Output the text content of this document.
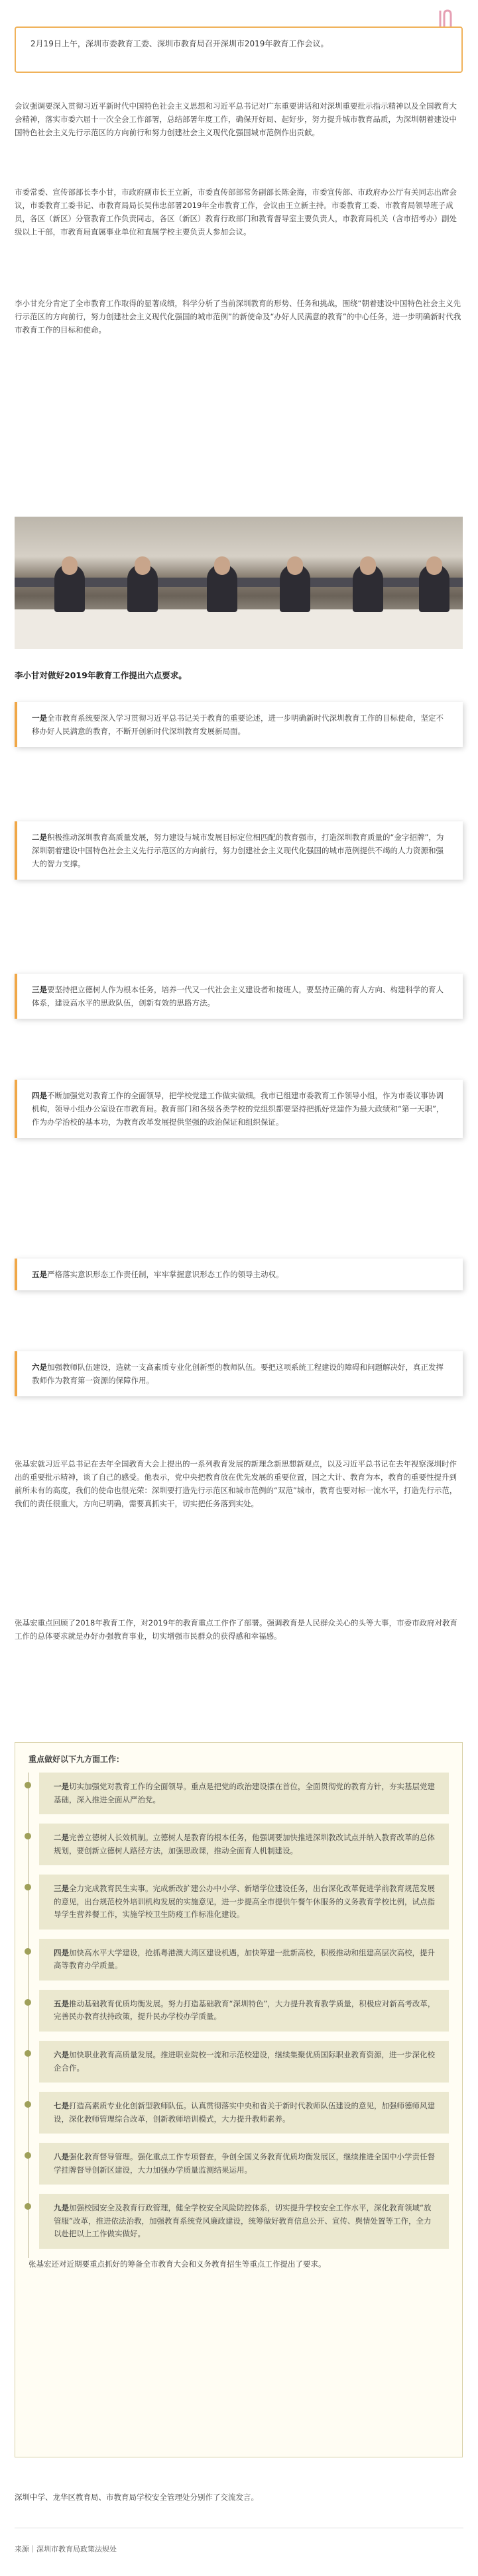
2月19日上午，深圳市委教育工委、深圳市教育局召开深圳市2019年教育工作会议。
会议强调要深入贯彻习近平新时代中国特色社会主义思想和习近平总书记对广东重要讲话和对深圳重要批示指示精神以及全国教育大会精神，落实市委六届十一次全会工作部署，总结部署年度工作，确保开好局、起好步，努力提升城市教育品质，为深圳朝着建设中国特色社会主义先行示范区的方向前行和努力创建社会主义现代化强国城市范例作出贡献。
市委常委、宣传部部长李小甘，市政府副市长王立新，市委直传部部常务副部长陈金海，市委宣传部、市政府办公厅有关同志出席会议，市委教育工委书记、市教育局局长吴伟忠部署2019年全市教育工作，会议由王立新主持。市委教育工委、市教育局领导班子成员，各区（新区）分管教育工作负责同志，各区（新区）教育行政部门和教育督导室主要负责人，市教育局机关（含市招考办）副处级以上干部，市教育局直属事业单位和直属学校主要负责人参加会议。
李小甘充分肯定了全市教育工作取得的显著成绩，科学分析了当前深圳教育的形势、任务和挑战，围绕“朝着建设中国特色社会主义先行示范区的方向前行，努力创建社会主义现代化强国的城市范例”的新使命及“办好人民满意的教育”的中心任务，进一步明确新时代我市教育工作的目标和使命。
李小甘对做好2019年教育工作提出六点要求。
一是全市教育系统要深入学习贯彻习近平总书记关于教育的重要论述，进一步明确新时代深圳教育工作的目标使命，坚定不移办好人民满意的教育，不断开创新时代深圳教育发展新局面。
二是积极推动深圳教育高质量发展，努力建设与城市发展目标定位相匹配的教育强市，打造深圳教育质量的“金字招牌”，为深圳朝着建设中国特色社会主义先行示范区的方向前行，努力创建社会主义现代化强国的城市范例提供不竭的人力资源和强大的智力支撑。
三是要坚持把立德树人作为根本任务，培养一代又一代社会主义建设者和接班人，要坚持正确的育人方向、构建科学的育人体系，建设高水平的思政队伍，创新有效的思路方法。
四是不断加强党对教育工作的全面领导，把学校党建工作做实做细。我市已组建市委教育工作领导小组，作为市委议事协调机构，领导小组办公室设在市教育局。教育部门和各级各类学校的党组织都要坚持把抓好党建作为最大政绩和“第一天职”，作为办学治校的基本功，为教育改革发展提供坚强的政治保证和组织保证。
五是严格落实意识形态工作责任制，牢牢掌握意识形态工作的领导主动权。
六是加强教师队伍建设，造就一支高素质专业化创新型的教师队伍。要把这项系统工程建设的障碍和问题解决好，真正发挥教师作为教育第一资源的保障作用。
张基宏就习近平总书记在去年全国教育大会上提出的一系列教育发展的新理念新思想新观点，以及习近平总书记在去年视察深圳时作出的重要批示精神，谈了自己的感受。他表示，党中央把教育放在优先发展的重要位置，国之大计、教育为本，教育的重要性提升到前所未有的高度，我们的使命也很光荣：深圳要打造先行示范区和城市范例的“双范”城市，教育也要对标一流水平，打造先行示范，我们的责任很重大，方向已明确，需要真抓实干，切实把任务落到实处。
张基宏重点回顾了2018年教育工作，对2019年的教育重点工作作了部署。强调教育是人民群众关心的头等大事，市委市政府对教育工作的总体要求就是办好办强教育事业，切实增强市民群众的获得感和幸福感。
重点做好以下九方面工作：
一是切实加强党对教育工作的全面领导。重点是把党的政治建设摆在首位，全面贯彻党的教育方针，夯实基层党建基础，深入推进全面从严治党。
二是完善立德树人长效机制。立德树人是教育的根本任务，他强调要加快推进深圳教改试点并纳入教育改革的总体规划，要创新立德树人路径方法，加强思政课，推动全面育人机制建设。
三是全力完成教育民生实事。完成新改扩建公办中小学、新增学位建设任务，出台深化改革促进学前教育规范发展的意见，出台规范校外培训机构发展的实施意见，进一步提高全市提供午餐午休服务的义务教育学校比例，试点指导学生营养餐工作，实施学校卫生防疫工作标准化建设。
四是加快高水平大学建设，抢抓粤港澳大湾区建设机遇，加快筹建一批新高校，积极推动和组建高层次高校，提升高等教育办学质量。
五是推动基础教育优质均衡发展。努力打造基础教育“深圳特色”，大力提升教育教学质量，积极应对新高考改革，完善民办教育扶持政策，提升民办学校办学质量。
六是加快职业教育高质量发展。推进职业院校一流和示范校建设，继续集聚优质国际职业教育资源，进一步深化校企合作。
七是打造高素质专业化创新型教师队伍。认真贯彻落实中央和省关于新时代教师队伍建设的意见，加强师德师风建设，深化教师管理综合改革，创新教师培训模式，大力提升教师素养。
八是强化教育督导管理。强化重点工作专项督查，争创全国义务教育优质均衡发展区，继续推进全国中小学责任督学挂牌督导创新区建设，大力加强办学质量监测结果运用。
九是加强校园安全及教育行政管理，健全学校安全风险防控体系，切实提升学校安全工作水平，深化教育领域“放管服”改革，推进依法治教，加强教育系统党风廉政建设，统筹做好教育信息公开、宣传、舆情处置等工作，全力以赴把以上工作做实做好。
张基宏还对近期要重点抓好的筹备全市教育大会和义务教育招生等重点工作提出了要求。
深圳中学、龙华区教育局、市教育局学校安全管理处分别作了交流发言。
来源｜深圳市教育局政策法规处
